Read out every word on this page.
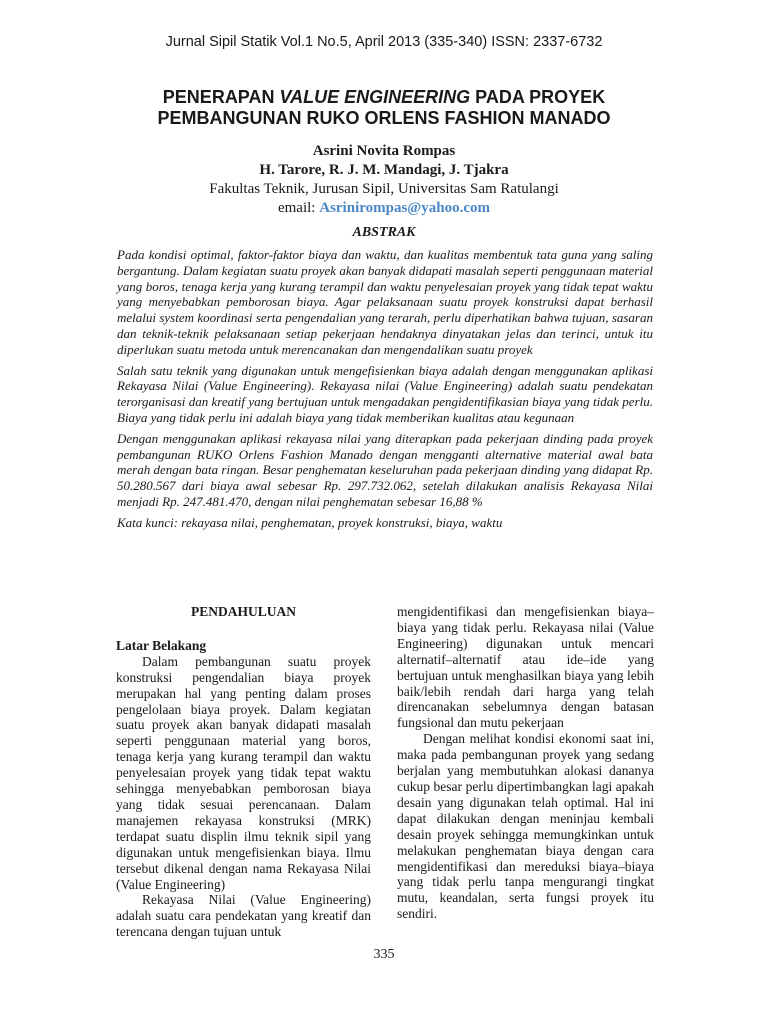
Jurnal Sipil Statik Vol.1 No.5, April 2013 (335-340) ISSN: 2337-6732
PENERAPAN VALUE ENGINEERING PADA PROYEK
PEMBANGUNAN RUKO ORLENS FASHION MANADO
Asrini Novita Rompas
H. Tarore, R. J. M. Mandagi, J. Tjakra
Fakultas Teknik, Jurusan Sipil, Universitas Sam Ratulangi
email: Asrinirompas@yahoo.com
ABSTRAK

Pada kondisi optimal, faktor-faktor biaya dan waktu, dan kualitas membentuk tata guna yang saling bergantung. Dalam kegiatan suatu proyek akan banyak didapati masalah seperti penggunaan material yang boros, tenaga kerja yang kurang terampil dan waktu penyelesaian proyek yang tidak tepat waktu yang menyebabkan pemborosan biaya. Agar pelaksanaan suatu proyek konstruksi dapat berhasil melalui system koordinasi serta pengendalian yang terarah, perlu diperhatikan bahwa tujuan, sasaran dan teknik-teknik pelaksanaan setiap pekerjaan hendaknya dinyatakan jelas dan terinci, untuk itu diperlukan suatu metoda untuk merencanakan dan mengendalikan suatu proyek

Salah satu teknik yang digunakan untuk mengefisienkan biaya adalah dengan menggunakan aplikasi Rekayasa Nilai (Value Engineering). Rekayasa nilai (Value Engineering) adalah suatu pendekatan terorganisasi dan kreatif yang bertujuan untuk mengadakan pengidentifikasian biaya yang tidak perlu. Biaya yang tidak perlu ini adalah biaya yang tidak memberikan kualitas atau kegunaan

Dengan menggunakan aplikasi rekayasa nilai yang diterapkan pada pekerjaan dinding pada proyek pembangunan RUKO Orlens Fashion Manado dengan mengganti alternative material awal bata merah dengan bata ringan. Besar penghematan keseluruhan pada pekerjaan dinding yang didapat Rp. 50.280.567 dari biaya awal sebesar Rp. 297.732.062, setelah dilakukan analisis Rekayasa Nilai menjadi Rp. 247.481.470, dengan nilai penghematan sebesar 16,88 %

Kata kunci: rekayasa nilai, penghematan, proyek konstruksi, biaya, waktu

PENDAHULUAN

Latar Belakang

Dalam pembangunan suatu proyek konstruksi pengendalian biaya proyek merupakan hal yang penting dalam proses pengelolaan biaya proyek. Dalam kegiatan suatu proyek akan banyak didapati masalah seperti penggunaan material yang boros, tenaga kerja yang kurang terampil dan waktu penyelesaian proyek yang tidak tepat waktu sehingga menyebabkan pemborosan biaya yang tidak sesuai perencanaan. Dalam manajemen rekayasa konstruksi (MRK) terdapat suatu displin ilmu teknik sipil yang digunakan untuk mengefisienkan biaya. Ilmu tersebut dikenal dengan nama Rekayasa Nilai (Value Engineering)

Rekayasa Nilai (Value Engineering) adalah suatu cara pendekatan yang kreatif dan terencana dengan tujuan untuk

mengidentifikasi dan mengefisienkan biaya–biaya yang tidak perlu. Rekayasa nilai (Value Engineering) digunakan untuk mencari alternatif–alternatif atau ide–ide yang bertujuan untuk menghasilkan biaya yang lebih baik/lebih rendah dari harga yang telah direncanakan sebelumnya dengan batasan fungsional dan mutu pekerjaan

Dengan melihat kondisi ekonomi saat ini, maka pada pembangunan proyek yang sedang berjalan yang membutuhkan alokasi dananya cukup besar perlu dipertimbangkan lagi apakah desain yang digunakan telah optimal. Hal ini dapat dilakukan dengan meninjau kembali desain proyek sehingga memungkinkan untuk melakukan penghematan biaya dengan cara mengidentifikasi dan mereduksi biaya–biaya yang tidak perlu tanpa mengurangi tingkat mutu, keandalan, serta fungsi proyek itu sendiri.

335
